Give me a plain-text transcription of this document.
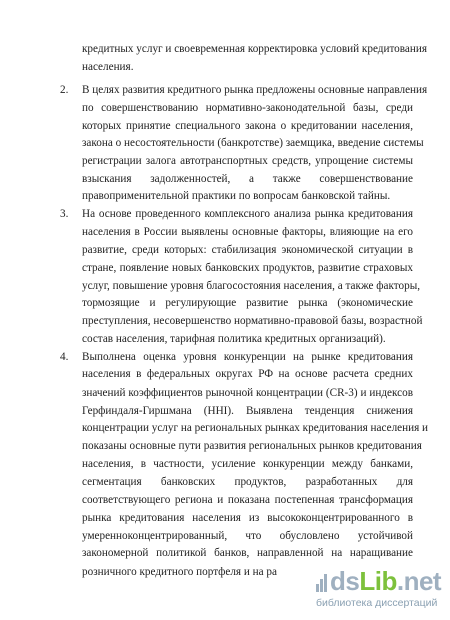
кредитных услуг и своевременная корректировка условий кредитования
населения.
2. В целях развития кредитного рынка предложены основные направления
по совершенствованию нормативно-законодательной базы, среди
которых принятие специального закона о кредитовании населения,
закона о несостоятельности (банкротстве) заемщика, введение системы
регистрации залога автотранспортных средств, упрощение системы
взыскания задолженностей, а также совершенствование
правоприменительной практики по вопросам банковской тайны.
3. На основе проведенного комплексного анализа рынка кредитования
населения в России выявлены основные факторы, влияющие на его
развитие, среди которых: стабилизация экономической ситуации в
стране, появление новых банковских продуктов, развитие страховых
услуг, повышение уровня благосостояния населения, а также факторы,
тормозящие и регулирующие развитие рынка (экономические
преступления, несовершенство нормативно-правовой базы, возрастной
состав населения, тарифная политика кредитных организаций).
4. Выполнена оценка уровня конкуренции на рынке кредитования
населения в федеральных округах РФ на основе расчета средних
значений коэффициентов рыночной концентрации (CR-3) и индексов
Герфиндаля-Гиршмана (HHI). Выявлена тенденция снижения
концентрации услуг на региональных рынках кредитования населения и
показаны основные пути развития региональных рынков кредитования
населения, в частности, усиление конкуренции между банками,
сегментация банковских продуктов, разработанных для
соответствующего региона и показана постепенная трансформация
рынка кредитования населения из высококонцентрированного в
умеренноконцентрированный, что обусловлено устойчивой
закономерной политикой банков, направленной на наращивание
розничного кредитного портфеля и на ра	dsLib.net
библиотека диссертаций
